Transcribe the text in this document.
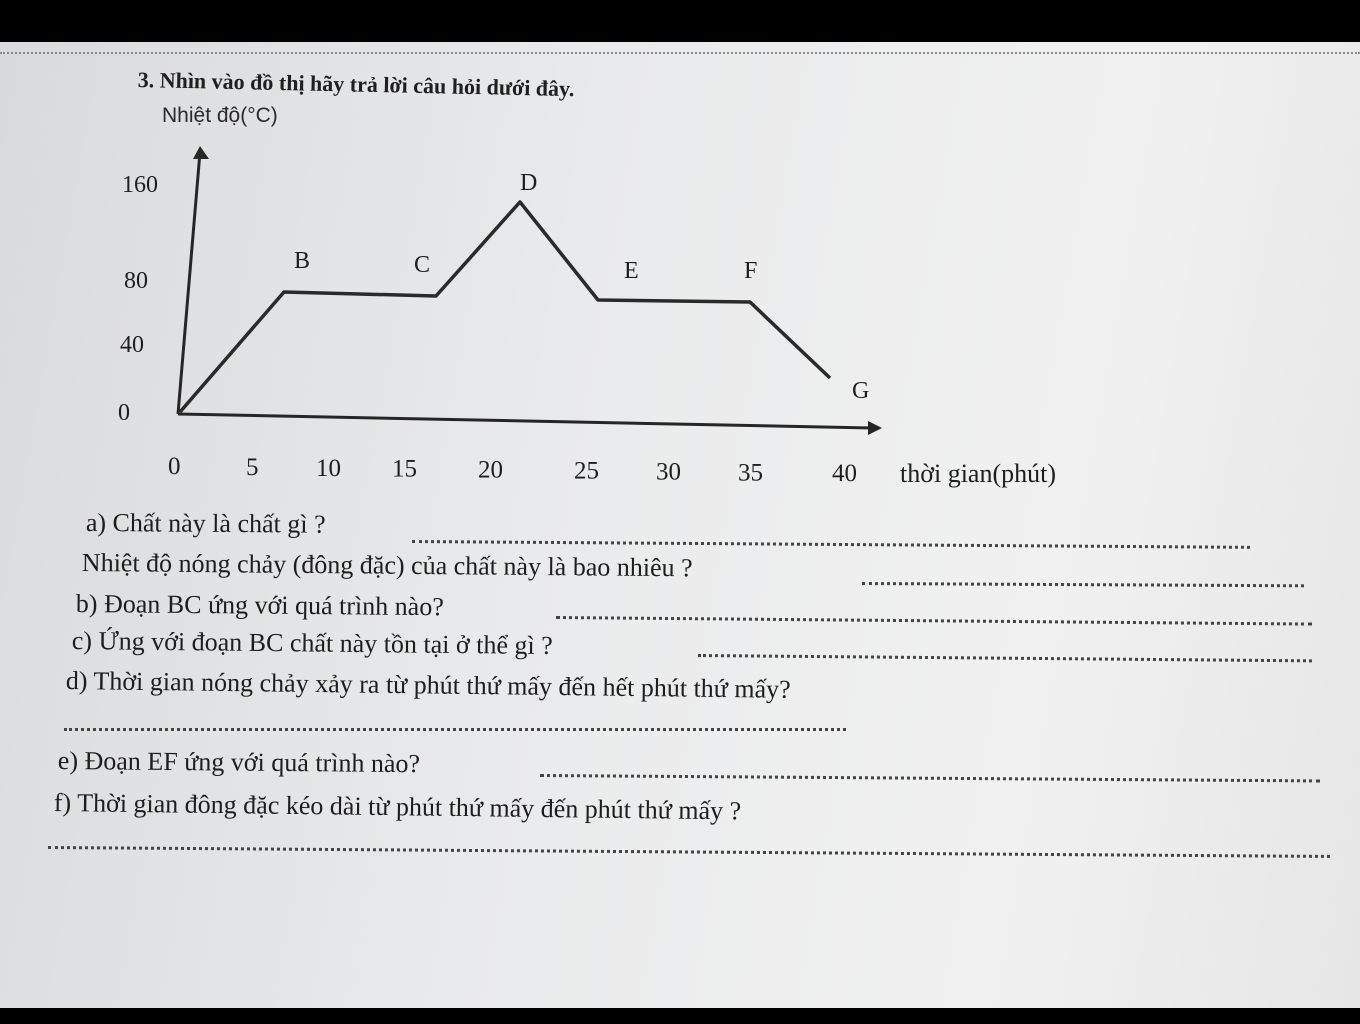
3. Nhìn vào đồ thị hãy trả lời câu hỏi dưới đây.
Nhiệt độ(°C)
160
80
40
0
0	5 10 15 20	25 30 35	40
B	C
D
E	F
G
thời gian(phút)
a) Chất này là chất gì ?
Nhiệt độ nóng chảy (đông đặc) của chất này là bao nhiêu ?
b) Đoạn BC ứng với quá trình nào?
c) Ứng với đoạn BC chất này tồn tại ở thể gì ?
d) Thời gian nóng chảy xảy ra từ phút thứ mấy đến hết phút thứ mấy?
e) Đoạn EF ứng với quá trình nào?
f) Thời gian đông đặc kéo dài từ phút thứ mấy đến phút thứ mấy ?
